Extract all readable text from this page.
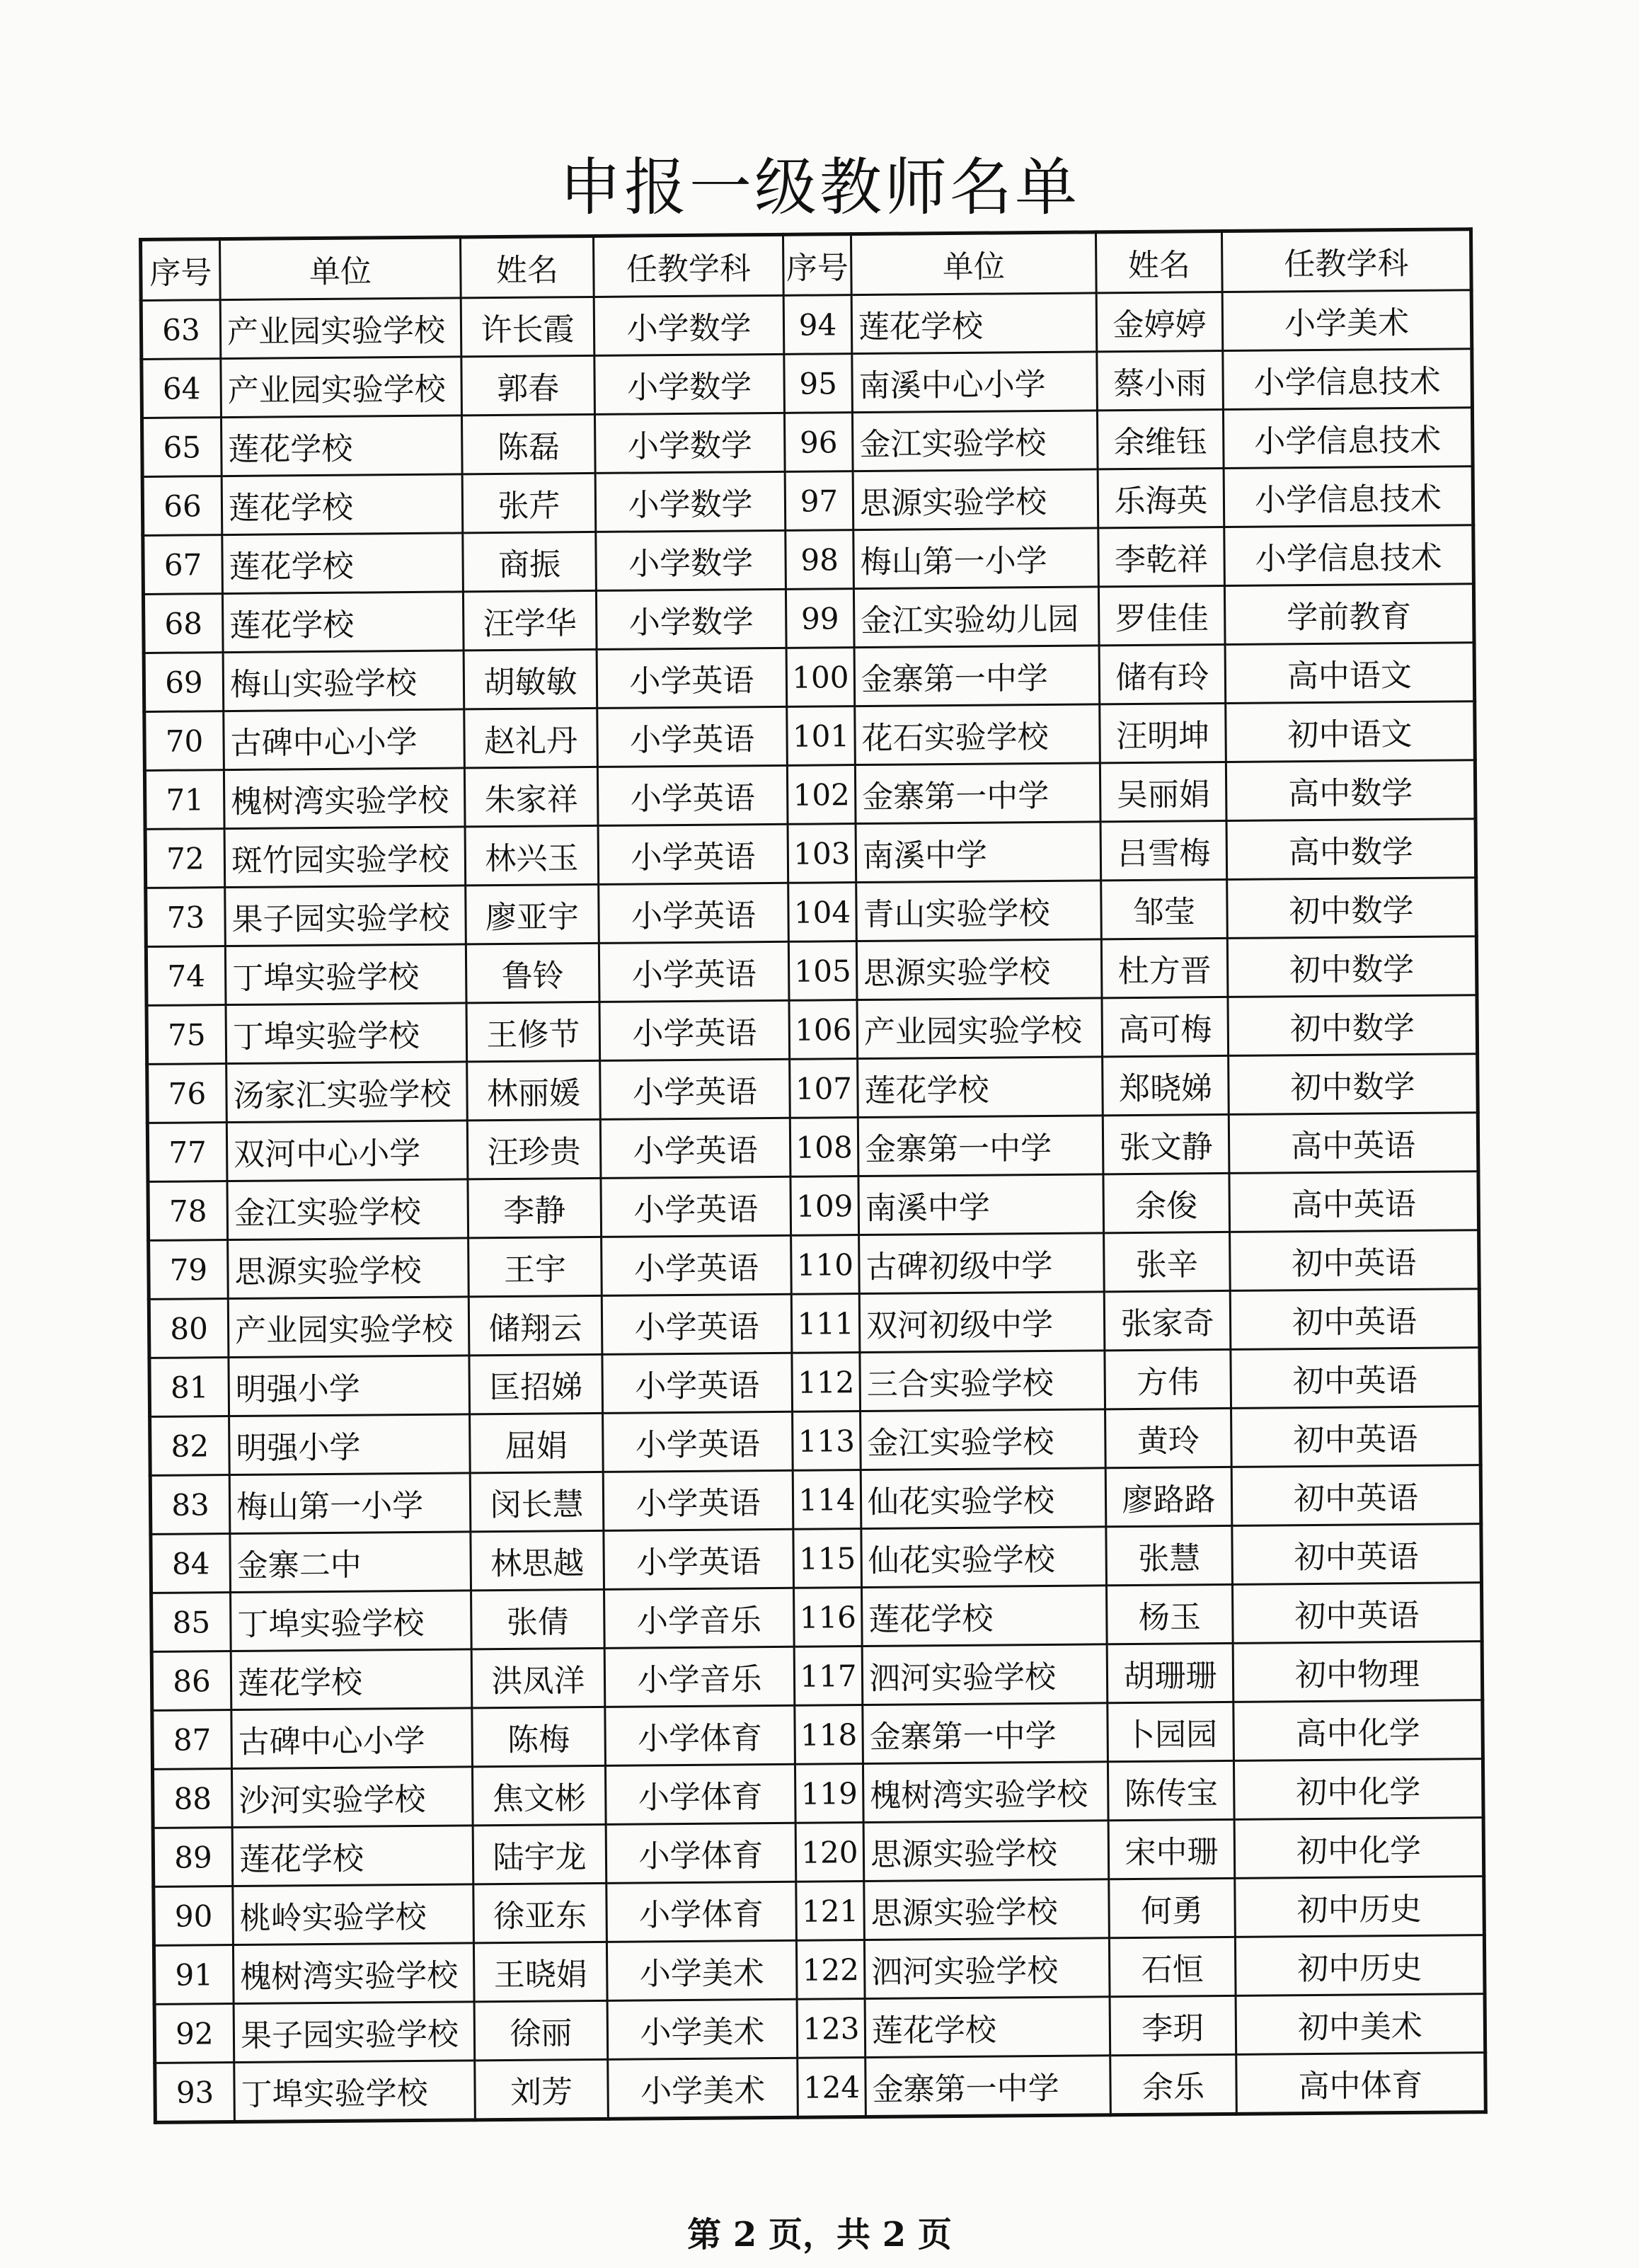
申报一级教师名单
序号	单位	姓名	任教学科	序号	单位	姓名	任教学科
63	产业园实验学校	许长霞	小学数学	94	莲花学校	金婷婷	小学美术
64	产业园实验学校	郭春	小学数学	95	南溪中心小学	蔡小雨	小学信息技术
65	莲花学校	陈磊	小学数学	96	金江实验学校	余维钰	小学信息技术
66	莲花学校	张芹	小学数学	97	思源实验学校	乐海英	小学信息技术
67	莲花学校	商振	小学数学	98	梅山第一小学	李乾祥	小学信息技术
68	莲花学校	汪学华	小学数学	99	金江实验幼儿园	罗佳佳	学前教育
69	梅山实验学校	胡敏敏	小学英语	100	金寨第一中学	储有玲	高中语文
70	古碑中心小学	赵礼丹	小学英语	101	花石实验学校	汪明坤	初中语文
71	槐树湾实验学校	朱家祥	小学英语	102	金寨第一中学	吴丽娟	高中数学
72	斑竹园实验学校	林兴玉	小学英语	103	南溪中学	吕雪梅	高中数学
73	果子园实验学校	廖亚宇	小学英语	104	青山实验学校	邹莹	初中数学
74	丁埠实验学校	鲁铃	小学英语	105	思源实验学校	杜方晋	初中数学
75	丁埠实验学校	王修节	小学英语	106	产业园实验学校	高可梅	初中数学
76	汤家汇实验学校	林丽媛	小学英语	107	莲花学校	郑晓娣	初中数学
77	双河中心小学	汪珍贵	小学英语	108	金寨第一中学	张文静	高中英语
78	金江实验学校	李静	小学英语	109	南溪中学	余俊	高中英语
79	思源实验学校	王宇	小学英语	110	古碑初级中学	张辛	初中英语
80	产业园实验学校	储翔云	小学英语	111	双河初级中学	张家奇	初中英语
81	明强小学	匡招娣	小学英语	112	三合实验学校	方伟	初中英语
82	明强小学	屈娟	小学英语	113	金江实验学校	黄玲	初中英语
83	梅山第一小学	闵长慧	小学英语	114	仙花实验学校	廖路路	初中英语
84	金寨二中	林思越	小学英语	115	仙花实验学校	张慧	初中英语
85	丁埠实验学校	张倩	小学音乐	116	莲花学校	杨玉	初中英语
86	莲花学校	洪凤洋	小学音乐	117	泗河实验学校	胡珊珊	初中物理
87	古碑中心小学	陈梅	小学体育	118	金寨第一中学	卜园园	高中化学
88	沙河实验学校	焦文彬	小学体育	119	槐树湾实验学校	陈传宝	初中化学
89	莲花学校	陆宇龙	小学体育	120	思源实验学校	宋中珊	初中化学
90	桃岭实验学校	徐亚东	小学体育	121	思源实验学校	何勇	初中历史
91	槐树湾实验学校	王晓娟	小学美术	122	泗河实验学校	石恒	初中历史
92	果子园实验学校	徐丽	小学美术	123	莲花学校	李玥	初中美术
93	丁埠实验学校	刘芳	小学美术	124	金寨第一中学	余乐	高中体育
第 2 页，共 2 页
